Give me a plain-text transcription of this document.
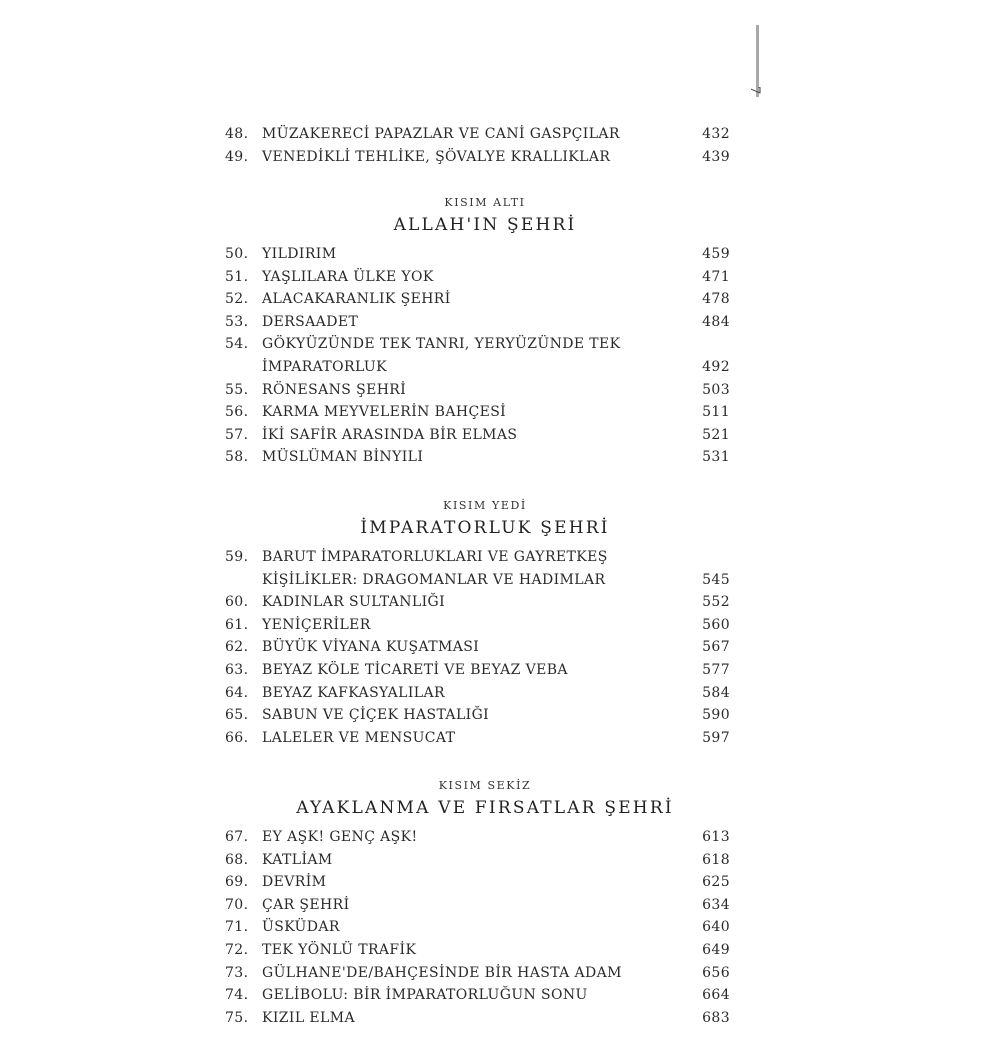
7
48. MÜZAKERECİ PAPAZLAR VE CANİ GASPÇILAR	432
49. VENEDİKLİ TEHLİKE, ŞÖVALYE KRALLIKLAR	439
KISIM ALTI
ALLAH'IN ŞEHRİ
50. YILDIRIM	459
51. YAŞLILARA ÜLKE YOK	471
52. ALACAKARANLIK ŞEHRİ	478
53. DERSAADET	484
54. GÖKYÜZÜNDE TEK TANRI, YERYÜZÜNDE TEK
İMPARATORLUK	492
55. RÖNESANS ŞEHRİ	503
56. KARMA MEYVELERİN BAHÇESİ	511
57. İKİ SAFİR ARASINDA BİR ELMAS	521
58. MÜSLÜMAN BİNYILI	531
KISIM YEDİ
İMPARATORLUK ŞEHRİ
59. BARUT İMPARATORLUKLARI VE GAYRETKEŞ
KİŞİLİKLER: DRAGOMANLAR VE HADIMLAR	545
60. KADINLAR SULTANLIĞI	552
61. YENİÇERİLER	560
62. BÜYÜK VİYANA KUŞATMASI	567
63. BEYAZ KÖLE TİCARETİ VE BEYAZ VEBA	577
64. BEYAZ KAFKASYALILAR	584
65. SABUN VE ÇİÇEK HASTALIĞI	590
66. LALELER VE MENSUCAT	597
KISIM SEKİZ
AYAKLANMA VE FIRSATLAR ŞEHRİ
67. EY AŞK! GENÇ AŞK!	613
68. KATLİAM	618
69. DEVRİM	625
70. ÇAR ŞEHRİ	634
71. ÜSKÜDAR	640
72. TEK YÖNLÜ TRAFİK	649
73. GÜLHANE'DE/BAHÇESİNDE BİR HASTA ADAM	656
74. GELİBOLU: BİR İMPARATORLUĞUN SONU	664
75. KIZIL ELMA	683
